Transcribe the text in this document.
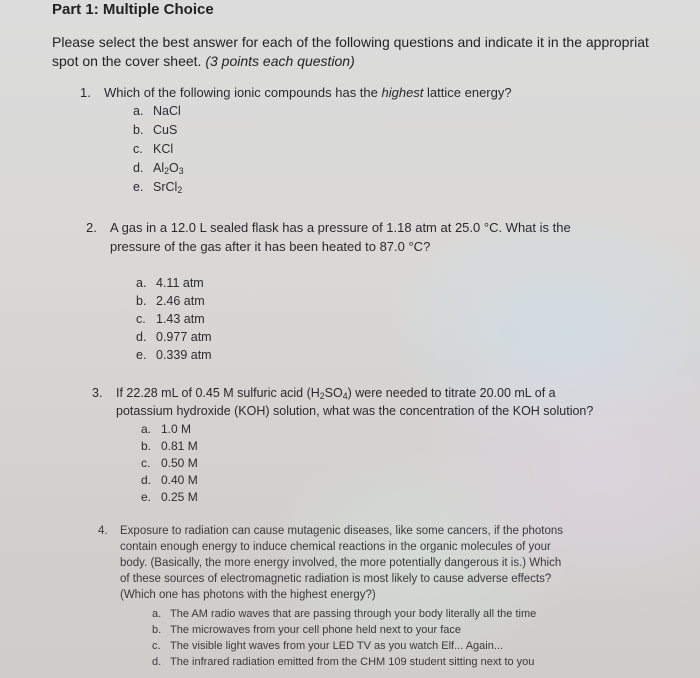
Part 1: Multiple Choice
Please select the best answer for each of the following questions and indicate it in the appropriat
spot on the cover sheet. (3 points each question)
1. Which of the following ionic compounds has the highest lattice energy?
a. NaCl
b. CuS
c. KCl
d. $Al_2O_3$
e. SrCl$_2$
2. A gas in a 12.0 L sealed flask has a pressure of 1.18 atm at 25.0 °C. What is the
pressure of the gas after it has been heated to 87.0 °C?
a. 4.11 atm
b. 2.46 atm
c. 1.43 atm
d. 0.977 atm
e. 0.339 atm
3. If 22.28 mL of 0.45 M sulfuric acid $(H_2SO_4)$ were needed to titrate 20.00 mL of a
potassium hydroxide (KOH) solution, what was the concentration of the KOH solution?
a. 1.0 M
b. 0.81 M
c. 0.50 M
d. 0.40 M
e. 0.25 M
4. Exposure to radiation can cause mutagenic diseases, like some cancers, if the photons
contain enough energy to induce chemical reactions in the organic molecules of your
body. (Basically, the more energy involved, the more potentially dangerous it is.) Which
of these sources of electromagnetic radiation is most likely to cause adverse effects?
(Which one has photons with the highest energy?)
a. The AM radio waves that are passing through your body literally all the time
b. The microwaves from your cell phone held next to your face
c. The visible light waves from your LED TV as you watch Elf... Again...
d. The infrared radiation emitted from the CHM 109 student sitting next to you
